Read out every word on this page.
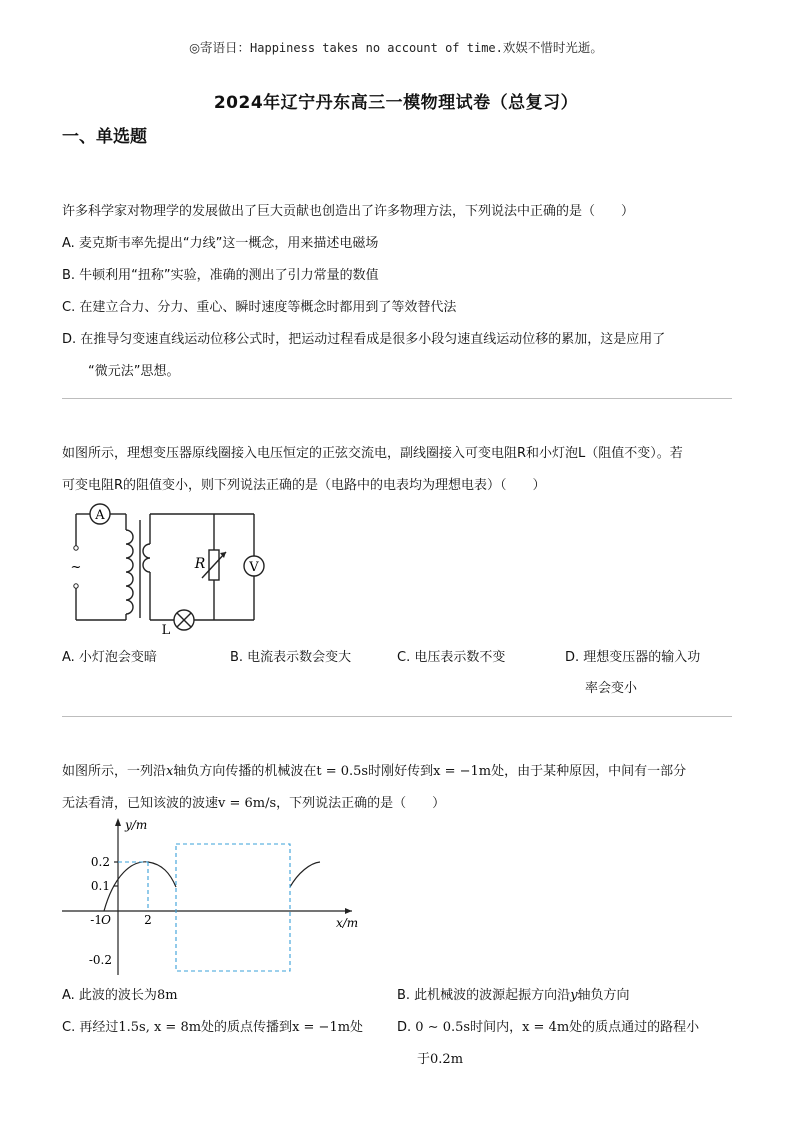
◎寄语日：Happiness takes no account of time.欢娱不惜时光逝。
2024年辽宁丹东高三一模物理试卷（总复习）
一、单选题
许多科学家对物理学的发展做出了巨大贡献也创造出了许多物理方法，下列说法中正确的是（　　）
A. 麦克斯韦率先提出“力线”这一概念，用来描述电磁场
B. 牛顿利用“扭称”实验，准确的测出了引力常量的数值
C. 在建立合力、分力、重心、瞬时速度等概念时都用到了等效替代法
D. 在推导匀变速直线运动位移公式时，把运动过程看成是很多小段匀速直线运动位移的累加，这是应用了
“微元法”思想。
如图所示，理想变压器原线圈接入电压恒定的正弦交流电，副线圈接入可变电阻R和小灯泡L（阻值不变）。若
可变电阻R的阻值变小，则下列说法正确的是（电路中的电表均为理想电表）（　　）
A
V
R
L
~
A. 小灯泡会变暗	B. 电流表示数会变大	C. 电压表示数不变	D. 理想变压器的输入功
率会变小
如图所示，一列沿x轴负方向传播的机械波在t = 0.5s时刚好传到x = −1m处，由于某种原因，中间有一部分
无法看清，已知该波的波速v = 6m/s，下列说法正确的是（　　）
y/m
x/m
0.2
0.1
-0.2
-1 O	2
A. 此波的波长为8m	B. 此机械波的波源起振方向沿y轴负方向
C. 再经过1.5s, x = 8m处的质点传播到x = −1m处	D. 0 ∼ 0.5s时间内，x = 4m处的质点通过的路程小
于0.2m
